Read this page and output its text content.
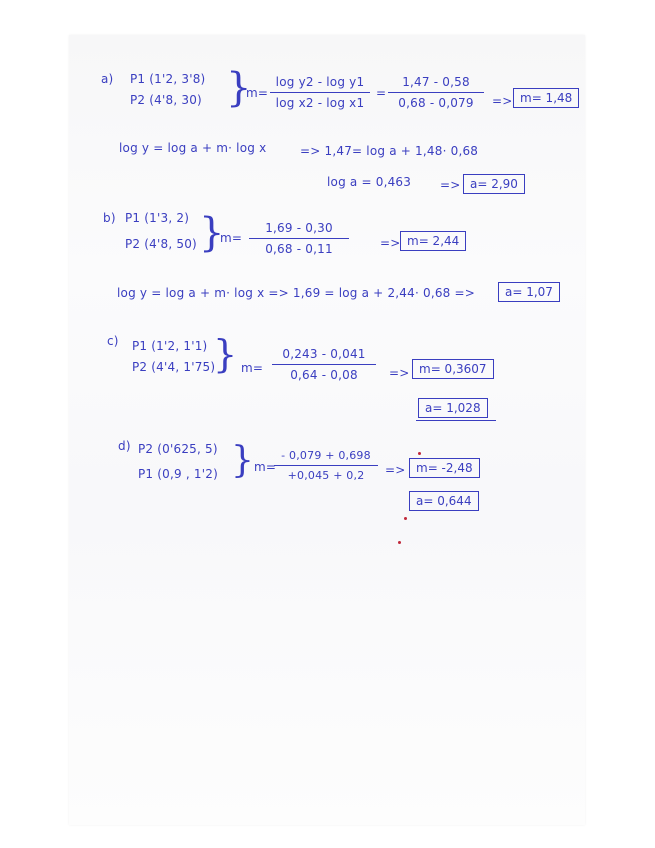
a) P1 (1'2, 3'8)
P2 (4'8, 30) }
m=
log y2 - log y1
log x2 - log x1
=
1,47 - 0,58
0,68 - 0,079	=> m= 1,48
log y = log a + m· log x	=> 1,47= log a + 1,48· 0,68
log a = 0,463 => a= 2,90
b) P1 (1'3, 2)
P2 (4'8, 50) }
m=
1,69 - 0,30
0,68 - 0,11	=> m= 2,44
log y = log a + m· log x => 1,69 = log a + 2,44· 0,68 =>	a= 1,07
c) P1 (1'2, 1'1)
P2 (4'4, 1'75)
} m=
0,243 - 0,041
0,64 - 0,08	=> m= 0,3607
a= 1,028
d) P2 (0'625, 5)
P1 (0,9 , 1'2) } m=
- 0,079 + 0,698
+0,045 + 0,2	=> m= -2,48
a= 0,644
